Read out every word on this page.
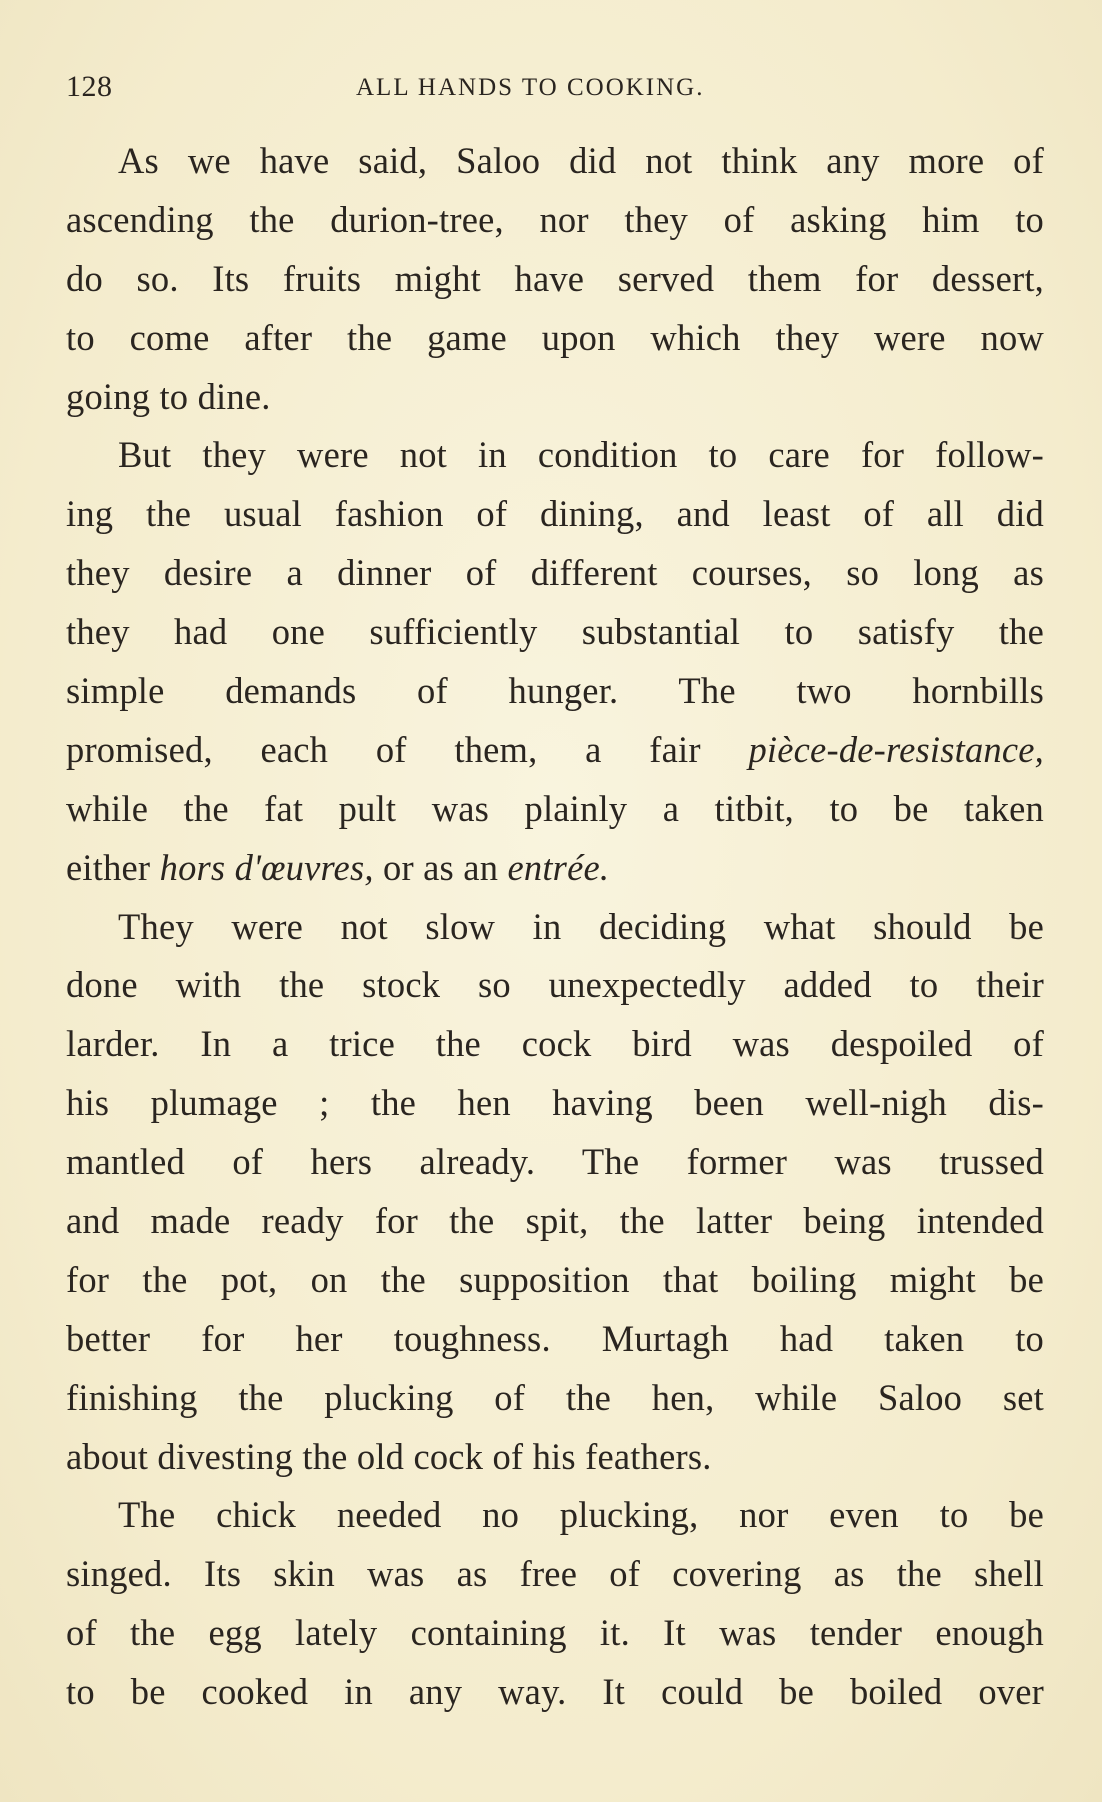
128	ALL HANDS TO COOKING.
As we have said, Saloo did not think any more of
ascending the durion-tree, nor they of asking him to
do so. Its fruits might have served them for dessert,
to come after the game upon which they were now
going to dine.
But they were not in condition to care for follow-
ing the usual fashion of dining, and least of all did
they desire a dinner of different courses, so long as
they had one sufficiently substantial to satisfy the
simple demands of hunger. The two hornbills
promised, each of them, a fair pièce-de-resistance,
while the fat pult was plainly a titbit, to be taken
either hors d'œuvres, or as an entrée.
They were not slow in deciding what should be
done with the stock so unexpectedly added to their
larder. In a trice the cock bird was despoiled of
his plumage ; the hen having been well-nigh dis-
mantled of hers already. The former was trussed
and made ready for the spit, the latter being intended
for the pot, on the supposition that boiling might be
better for her toughness. Murtagh had taken to
finishing the plucking of the hen, while Saloo set
about divesting the old cock of his feathers.
The chick needed no plucking, nor even to be
singed. Its skin was as free of covering as the shell
of the egg lately containing it. It was tender enough
to be cooked in any way. It could be boiled over
